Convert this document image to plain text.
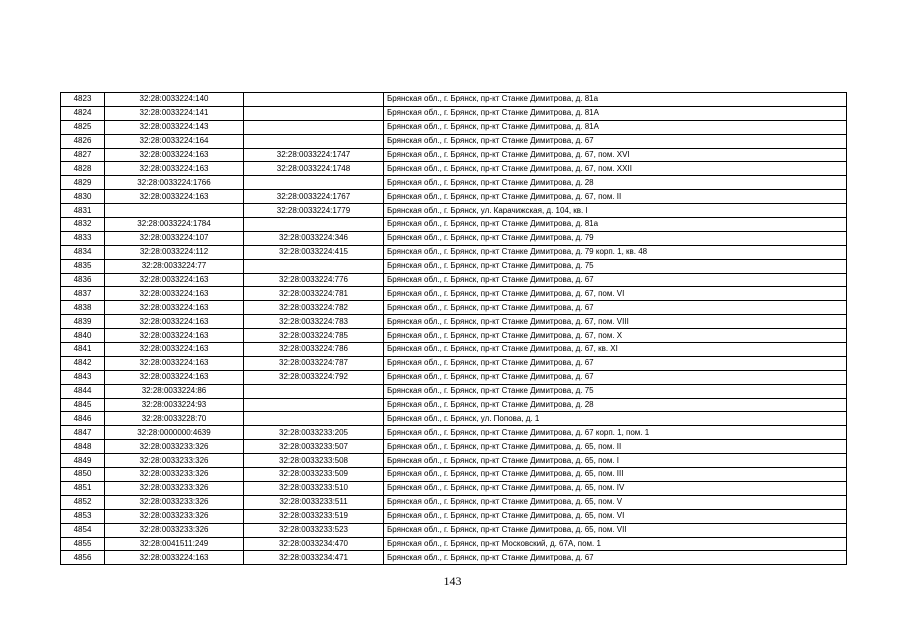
4823	32:28:0033224:140		Брянская обл., г. Брянск, пр-кт Станке Димитрова, д. 81а
4824	32:28:0033224:141		Брянская обл., г. Брянск, пр-кт Станке Димитрова, д. 81А
4825	32:28:0033224:143		Брянская обл., г. Брянск, пр-кт Станке Димитрова, д. 81А
4826	32:28:0033224:164		Брянская обл., г. Брянск, пр-кт Станке Димитрова, д. 67
4827	32:28:0033224:163	32:28:0033224:1747	Брянская обл., г. Брянск, пр-кт Станке Димитрова, д. 67, пом. XVI
4828	32:28:0033224:163	32:28:0033224:1748	Брянская обл., г. Брянск, пр-кт Станке Димитрова, д. 67, пом. XXII
4829	32:28:0033224:1766		Брянская обл., г. Брянск, пр-кт Станке Димитрова, д. 28
4830	32:28:0033224:163	32:28:0033224:1767	Брянская обл., г. Брянск, пр-кт Станке Димитрова, д. 67, пом. II
4831		32:28:0033224:1779	Брянская обл., г. Брянск, ул. Карачижская, д. 104, кв. I
4832	32:28:0033224:1784		Брянская обл., г. Брянск, пр-кт Станке Димитрова, д. 81а
4833	32:28:0033224:107	32:28:0033224:346	Брянская обл., г. Брянск, пр-кт Станке Димитрова, д. 79
4834	32:28:0033224:112	32:28:0033224:415	Брянская обл., г. Брянск, пр-кт Станке Димитрова, д. 79 корп. 1, кв. 48
4835	32:28:0033224:77		Брянская обл., г. Брянск, пр-кт Станке Димитрова, д. 75
4836	32:28:0033224:163	32:28:0033224:776	Брянская обл., г. Брянск, пр-кт Станке Димитрова, д. 67
4837	32:28:0033224:163	32:28:0033224:781	Брянская обл., г. Брянск, пр-кт Станке Димитрова, д. 67, пом. VI
4838	32:28:0033224:163	32:28:0033224:782	Брянская обл., г. Брянск, пр-кт Станке Димитрова, д. 67
4839	32:28:0033224:163	32:28:0033224:783	Брянская обл., г. Брянск, пр-кт Станке Димитрова, д. 67, пом. VIII
4840	32:28:0033224:163	32:28:0033224:785	Брянская обл., г. Брянск, пр-кт Станке Димитрова, д. 67, пом. X
4841	32:28:0033224:163	32:28:0033224:786	Брянская обл., г. Брянск, пр-кт Станке Димитрова, д. 67, кв. XI
4842	32:28:0033224:163	32:28:0033224:787	Брянская обл., г. Брянск, пр-кт Станке Димитрова, д. 67
4843	32:28:0033224:163	32:28:0033224:792	Брянская обл., г. Брянск, пр-кт Станке Димитрова, д. 67
4844	32:28:0033224:86		Брянская обл., г. Брянск, пр-кт Станке Димитрова, д. 75
4845	32:28:0033224:93		Брянская обл., г. Брянск, пр-кт Станке Димитрова, д. 28
4846	32:28:0033228:70		Брянская обл., г. Брянск, ул. Попова, д. 1
4847	32:28:0000000:4639	32:28:0033233:205	Брянская обл., г. Брянск, пр-кт Станке Димитрова, д. 67 корп. 1, пом. 1
4848	32:28:0033233:326	32:28:0033233:507	Брянская обл., г. Брянск, пр-кт Станке Димитрова, д. 65, пом. II
4849	32:28:0033233:326	32:28:0033233:508	Брянская обл., г. Брянск, пр-кт Станке Димитрова, д. 65, пом. I
4850	32:28:0033233:326	32:28:0033233:509	Брянская обл., г. Брянск, пр-кт Станке Димитрова, д. 65, пом. III
4851	32:28:0033233:326	32:28:0033233:510	Брянская обл., г. Брянск, пр-кт Станке Димитрова, д. 65, пом. IV
4852	32:28:0033233:326	32:28:0033233:511	Брянская обл., г. Брянск, пр-кт Станке Димитрова, д. 65, пом. V
4853	32:28:0033233:326	32:28:0033233:519	Брянская обл., г. Брянск, пр-кт Станке Димитрова, д. 65, пом. VI
4854	32:28:0033233:326	32:28:0033233:523	Брянская обл., г. Брянск, пр-кт Станке Димитрова, д. 65, пом. VII
4855	32:28:0041511:249	32:28:0033234:470	Брянская обл., г. Брянск, пр-кт Московский, д. 67А, пом. 1
4856	32:28:0033224:163	32:28:0033234:471	Брянская обл., г. Брянск, пр-кт Станке Димитрова, д. 67
143
